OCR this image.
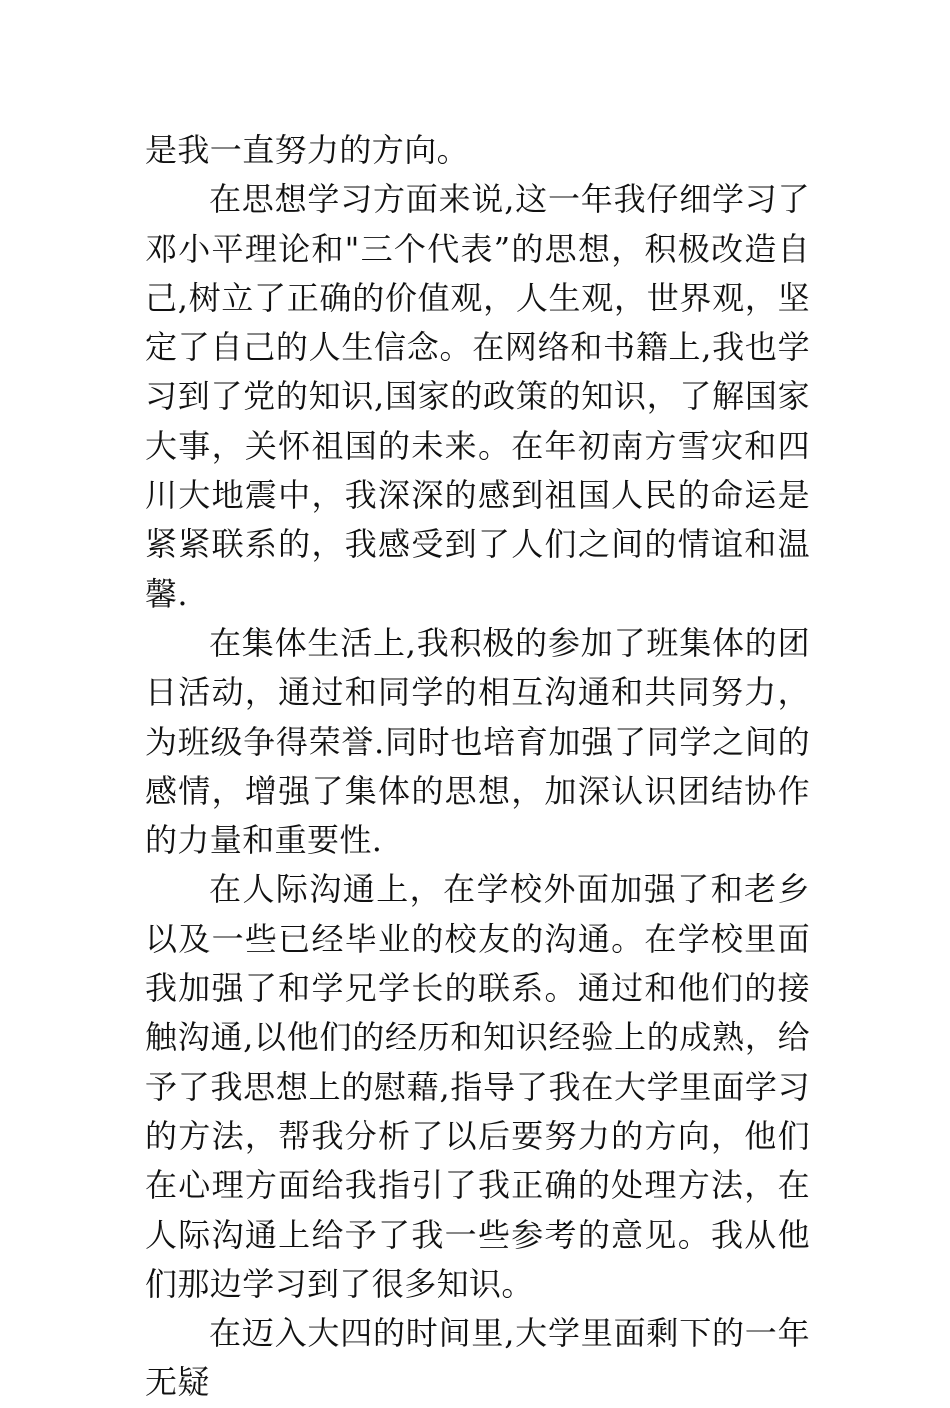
是我一直努力的方向。

在思想学习方面来说,这一年我仔细学习了邓小平理论和"三个代表”的思想，积极改造自己,树立了正确的价值观，人生观，世界观，坚定了自己的人生信念。在网络和书籍上,我也学习到了党的知识,国家的政策的知识，了解国家大事，关怀祖国的未来。在年初南方雪灾和四川大地震中，我深深的感到祖国人民的命运是紧紧联系的，我感受到了人们之间的情谊和温馨.

在集体生活上,我积极的参加了班集体的团日活动，通过和同学的相互沟通和共同努力，为班级争得荣誉.同时也培育加强了同学之间的感情，增强了集体的思想，加深认识团结协作的力量和重要性.

在人际沟通上，在学校外面加强了和老乡以及一些已经毕业的校友的沟通。在学校里面我加强了和学兄学长的联系。通过和他们的接触沟通,以他们的经历和知识经验上的成熟，给予了我思想上的慰藉,指导了我在大学里面学习的方法，帮我分析了以后要努力的方向，他们在心理方面给我指引了我正确的处理方法，在人际沟通上给予了我一些参考的意见。我从他们那边学习到了很多知识。

在迈入大四的时间里,大学里面剩下的一年无疑
